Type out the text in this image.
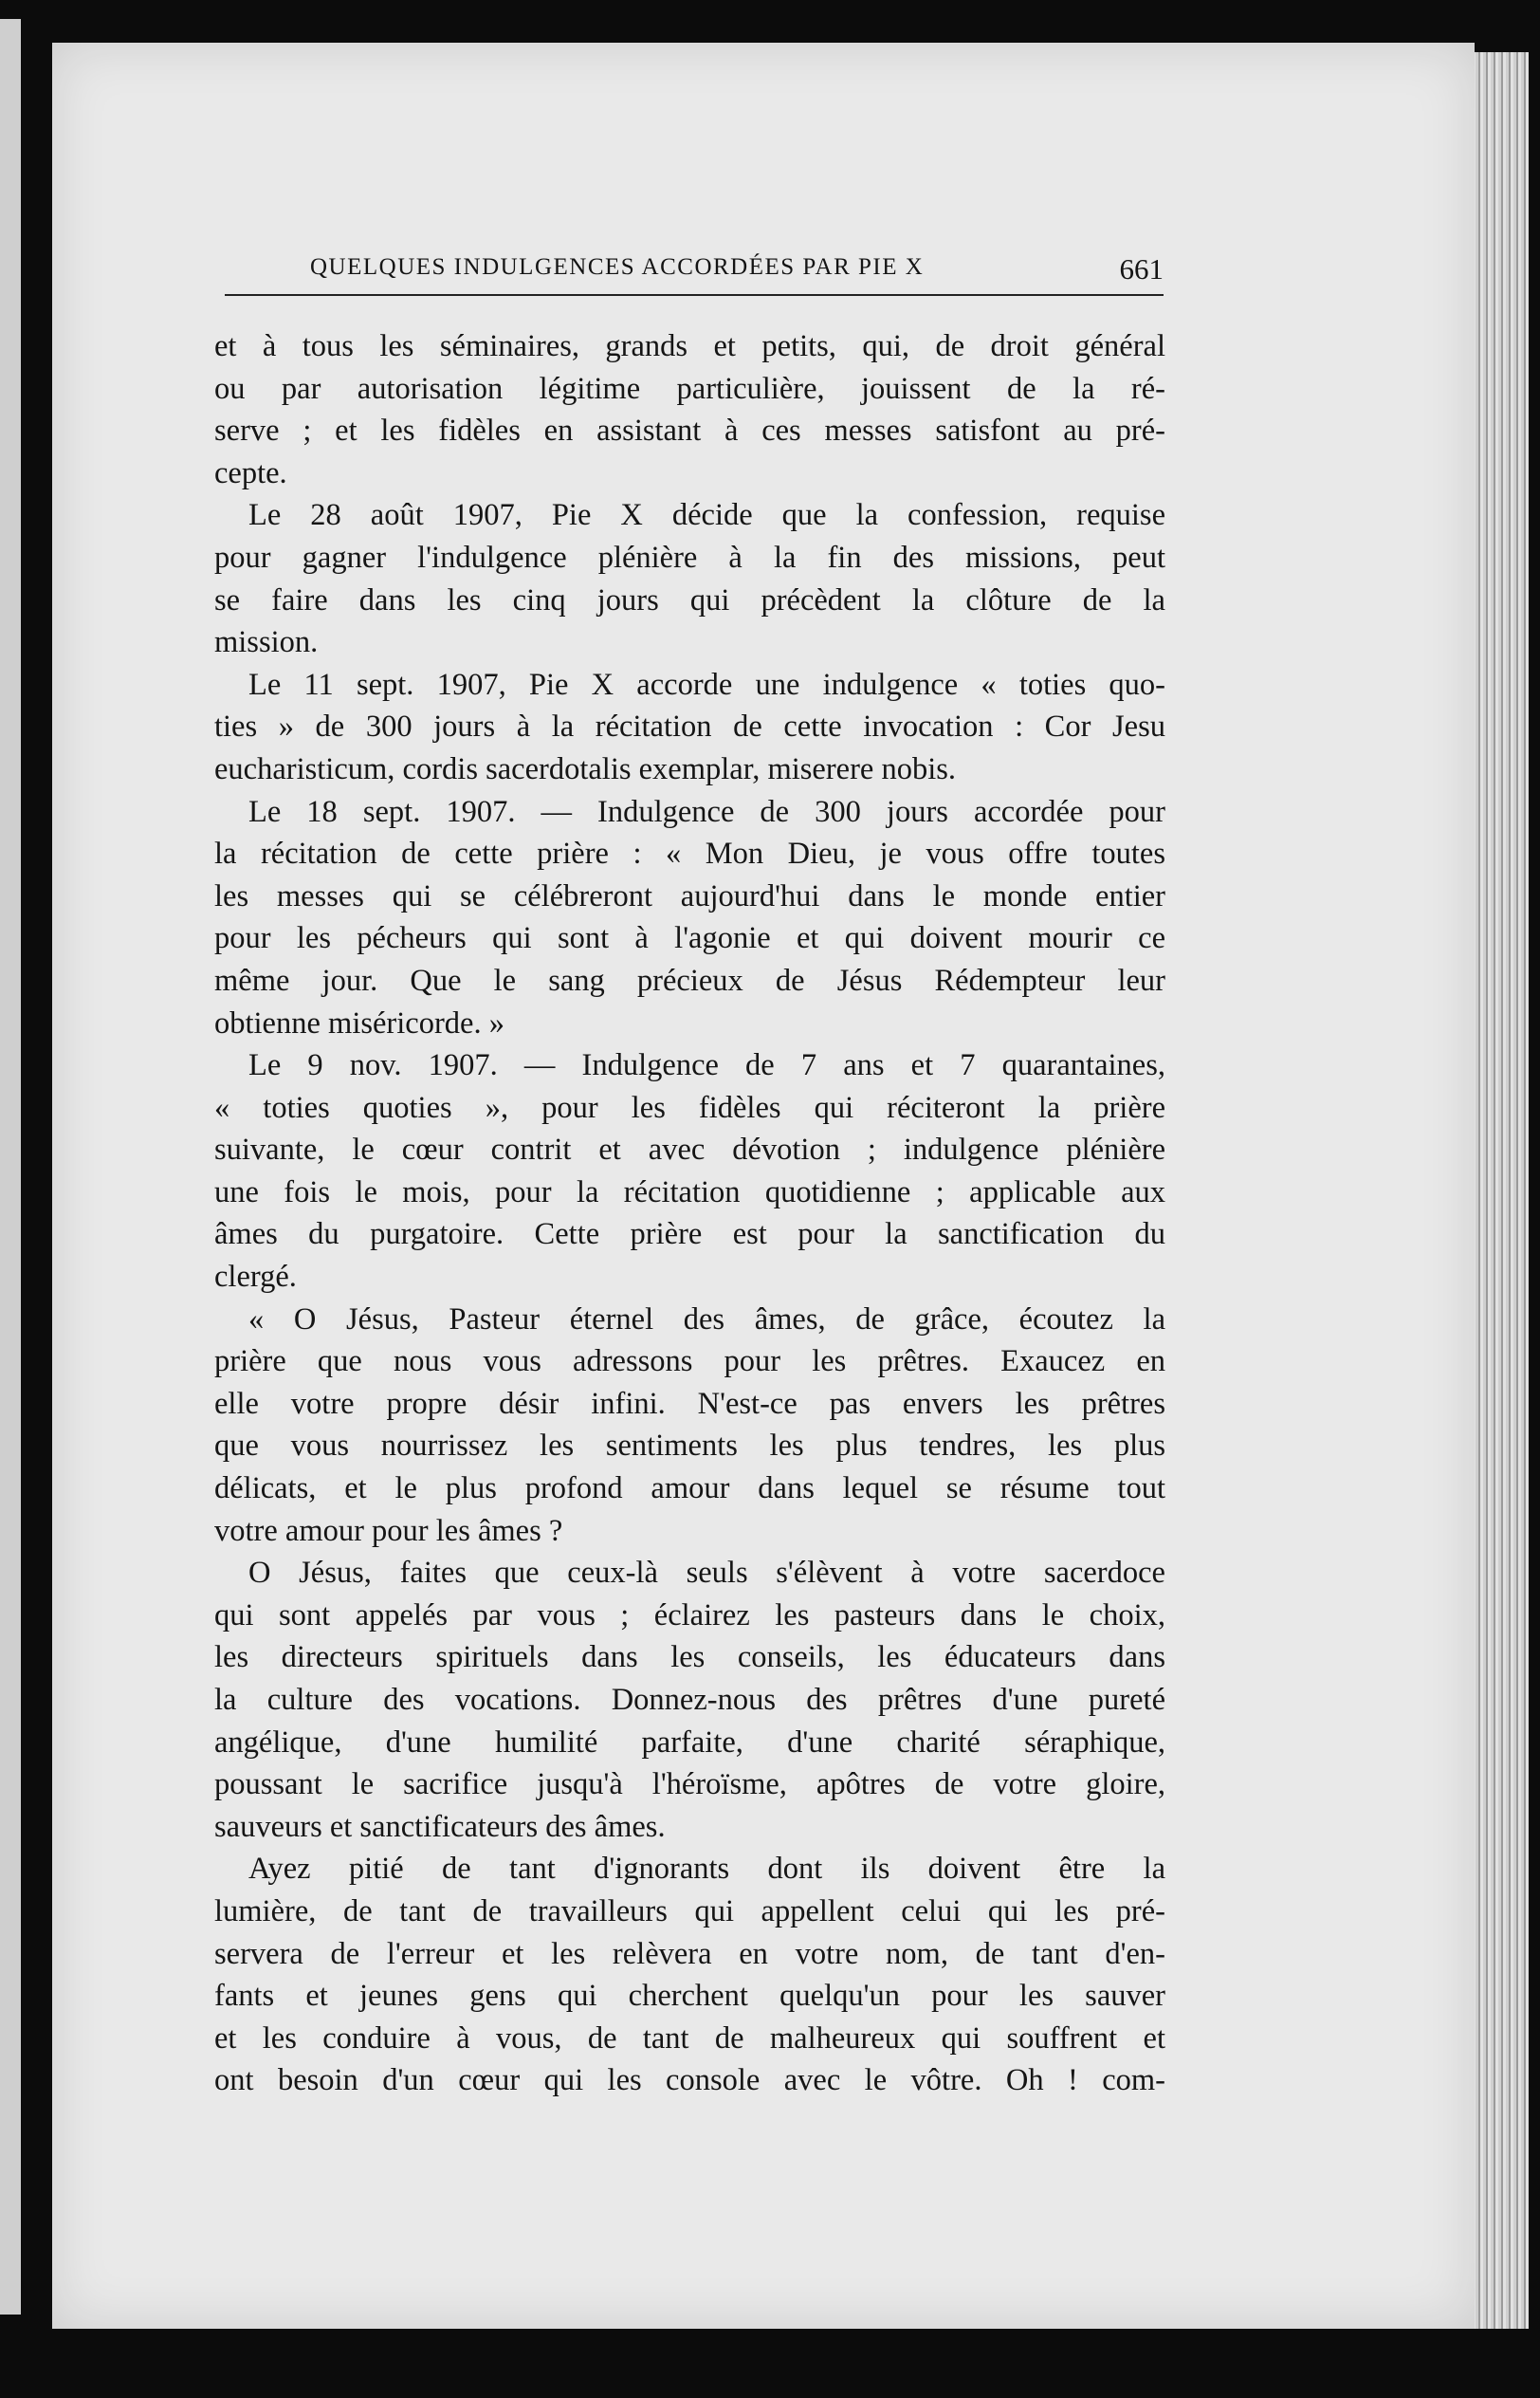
QUELQUES INDULGENCES ACCORDÉES PAR PIE X	661
et à tous les séminaires, grands et petits, qui, de droit général
ou par autorisation légitime particulière, jouissent de la ré-
serve ; et les fidèles en assistant à ces messes satisfont au pré-
cepte.
Le 28 août 1907, Pie X décide que la confession, requise
pour gagner l'indulgence plénière à la fin des missions, peut
se faire dans les cinq jours qui précèdent la clôture de la
mission.
Le 11 sept. 1907, Pie X accorde une indulgence « toties quo-
ties » de 300 jours à la récitation de cette invocation : Cor Jesu
eucharisticum, cordis sacerdotalis exemplar, miserere nobis.
Le 18 sept. 1907. — Indulgence de 300 jours accordée pour
la récitation de cette prière : « Mon Dieu, je vous offre toutes
les messes qui se célébreront aujourd'hui dans le monde entier
pour les pécheurs qui sont à l'agonie et qui doivent mourir ce
même jour. Que le sang précieux de Jésus Rédempteur leur
obtienne miséricorde. »
Le 9 nov. 1907. — Indulgence de 7 ans et 7 quarantaines,
« toties quoties », pour les fidèles qui réciteront la prière
suivante, le cœur contrit et avec dévotion ; indulgence plénière
une fois le mois, pour la récitation quotidienne ; applicable aux
âmes du purgatoire. Cette prière est pour la sanctification du
clergé.
« O Jésus, Pasteur éternel des âmes, de grâce, écoutez la
prière que nous vous adressons pour les prêtres. Exaucez en
elle votre propre désir infini. N'est-ce pas envers les prêtres
que vous nourrissez les sentiments les plus tendres, les plus
délicats, et le plus profond amour dans lequel se résume tout
votre amour pour les âmes ?
O Jésus, faites que ceux-là seuls s'élèvent à votre sacerdoce
qui sont appelés par vous ; éclairez les pasteurs dans le choix,
les directeurs spirituels dans les conseils, les éducateurs dans
la culture des vocations. Donnez-nous des prêtres d'une pureté
angélique, d'une humilité parfaite, d'une charité séraphique,
poussant le sacrifice jusqu'à l'héroïsme, apôtres de votre gloire,
sauveurs et sanctificateurs des âmes.
Ayez pitié de tant d'ignorants dont ils doivent être la
lumière, de tant de travailleurs qui appellent celui qui les pré-
servera de l'erreur et les relèvera en votre nom, de tant d'en-
fants et jeunes gens qui cherchent quelqu'un pour les sauver
et les conduire à vous, de tant de malheureux qui souffrent et
ont besoin d'un cœur qui les console avec le vôtre. Oh ! com-
